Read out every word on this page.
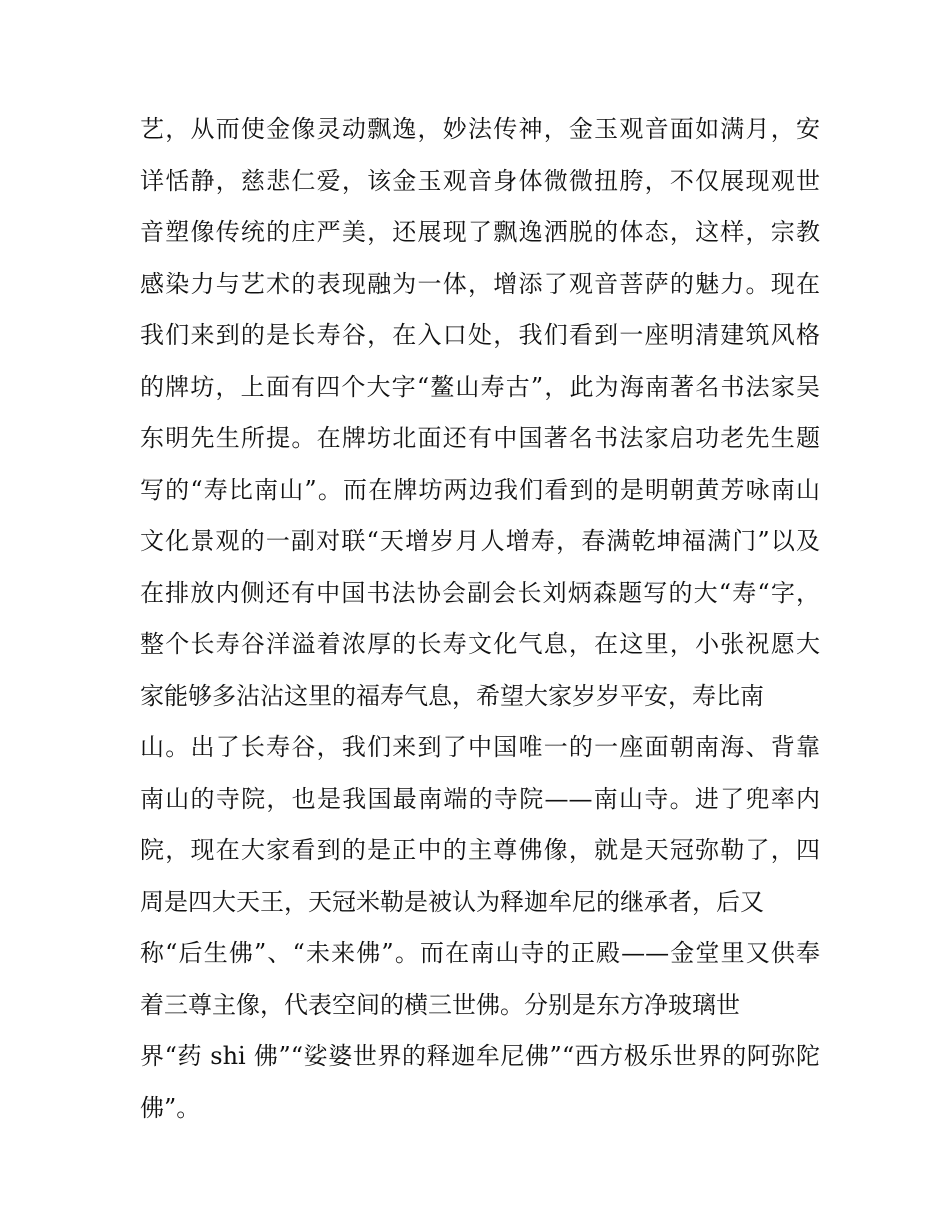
艺，从而使金像灵动飘逸，妙法传神，金玉观音面如满月，安
详恬静，慈悲仁爱，该金玉观音身体微微扭胯，不仅展现观世
音塑像传统的庄严美，还展现了飘逸洒脱的体态，这样，宗教
感染力与艺术的表现融为一体，增添了观音菩萨的魅力。现在
我们来到的是长寿谷，在入口处，我们看到一座明清建筑风格
的牌坊，上面有四个大字“鳌山寿古”，此为海南著名书法家吴
东明先生所提。在牌坊北面还有中国著名书法家启功老先生题
写的“寿比南山”。而在牌坊两边我们看到的是明朝黄芳咏南山
文化景观的一副对联“天增岁月人增寿，春满乾坤福满门”以及
在排放内侧还有中国书法协会副会长刘炳森题写的大“寿“字，
整个长寿谷洋溢着浓厚的长寿文化气息，在这里，小张祝愿大
家能够多沾沾这里的福寿气息，希望大家岁岁平安，寿比南
山。出了长寿谷，我们来到了中国唯一的一座面朝南海、背靠
南山的寺院，也是我国最南端的寺院——南山寺。进了兜率内
院，现在大家看到的是正中的主尊佛像，就是天冠弥勒了，四
周是四大天王，天冠米勒是被认为释迦牟尼的继承者，后又
称“后生佛”、“未来佛”。而在南山寺的正殿——金堂里又供奉
着三尊主像，代表空间的横三世佛。分别是东方净玻璃世
界“药 shi 佛”“娑婆世界的释迦牟尼佛”“西方极乐世界的阿弥陀
佛”。
